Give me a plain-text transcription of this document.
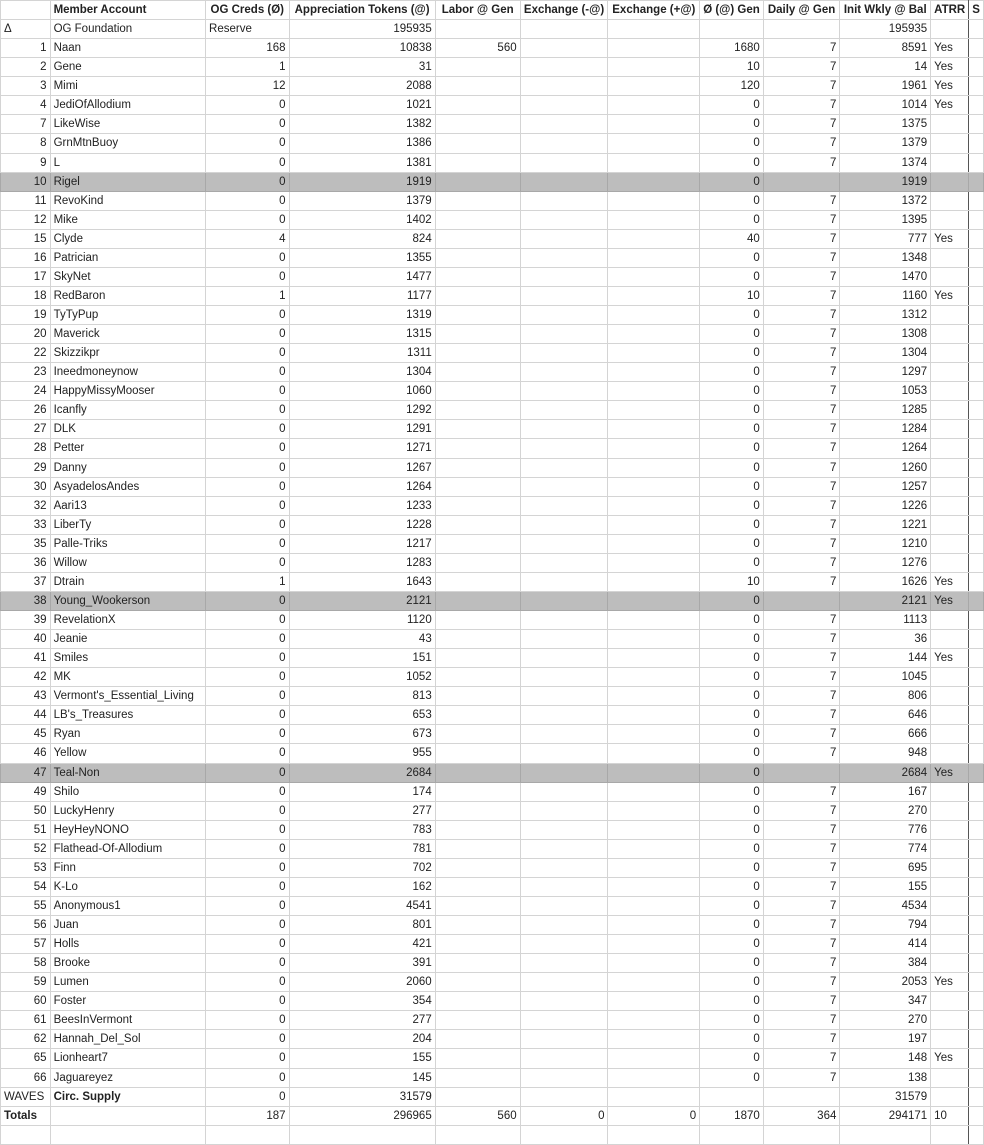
	Member Account	OG Creds (Ø)	Appreciation Tokens (@)	Labor @ Gen	Exchange (-@)	Exchange (+@)	Ø (@) Gen	Daily @ Gen	Init Wkly @ Bal	ATRR	S
Δ	OG Foundation	Reserve	195935						195935		
1	Naan	168	10838	560			1680	7	8591	Yes	
2	Gene	1	31				10	7	14	Yes	
3	Mimi	12	2088				120	7	1961	Yes	
4	JediOfAllodium	0	1021				0	7	1014	Yes	
7	LikeWise	0	1382				0	7	1375		
8	GrnMtnBuoy	0	1386				0	7	1379		
9	L	0	1381				0	7	1374		
10	Rigel	0	1919				0		1919		
11	RevoKind	0	1379				0	7	1372		
12	Mike	0	1402				0	7	1395		
15	Clyde	4	824				40	7	777	Yes	
16	Patrician	0	1355				0	7	1348		
17	SkyNet	0	1477				0	7	1470		
18	RedBaron	1	1177				10	7	1160	Yes	
19	TyTyPup	0	1319				0	7	1312		
20	Maverick	0	1315				0	7	1308		
22	Skizzikpr	0	1311				0	7	1304		
23	Ineedmoneynow	0	1304				0	7	1297		
24	HappyMissyMooser	0	1060				0	7	1053		
26	Icanfly	0	1292				0	7	1285		
27	DLK	0	1291				0	7	1284		
28	Petter	0	1271				0	7	1264		
29	Danny	0	1267				0	7	1260		
30	AsyadelosAndes	0	1264				0	7	1257		
32	Aari13	0	1233				0	7	1226		
33	LiberTy	0	1228				0	7	1221		
35	Palle-Triks	0	1217				0	7	1210		
36	Willow	0	1283				0	7	1276		
37	Dtrain	1	1643				10	7	1626	Yes	
38	Young_Wookerson	0	2121				0		2121	Yes	
39	RevelationX	0	1120				0	7	1113		
40	Jeanie	0	43				0	7	36		
41	Smiles	0	151				0	7	144	Yes	
42	MK	0	1052				0	7	1045		
43	Vermont's_Essential_Living	0	813				0	7	806		
44	LB's_Treasures	0	653				0	7	646		
45	Ryan	0	673				0	7	666		
46	Yellow	0	955				0	7	948		
47	Teal-Non	0	2684				0		2684	Yes	
49	Shilo	0	174				0	7	167		
50	LuckyHenry	0	277				0	7	270		
51	HeyHeyNONO	0	783				0	7	776		
52	Flathead-Of-Allodium	0	781				0	7	774		
53	Finn	0	702				0	7	695		
54	K-Lo	0	162				0	7	155		
55	Anonymous1	0	4541				0	7	4534		
56	Juan	0	801				0	7	794		
57	Holls	0	421				0	7	414		
58	Brooke	0	391				0	7	384		
59	Lumen	0	2060				0	7	2053	Yes	
60	Foster	0	354				0	7	347		
61	BeesInVermont	0	277				0	7	270		
62	Hannah_Del_Sol	0	204				0	7	197		
65	Lionheart7	0	155				0	7	148	Yes	
66	Jaguareyez	0	145				0	7	138		
WAVES	Circ. Supply	0	31579						31579		
Totals		187	296965	560	0	0	1870	364	294171	10	
